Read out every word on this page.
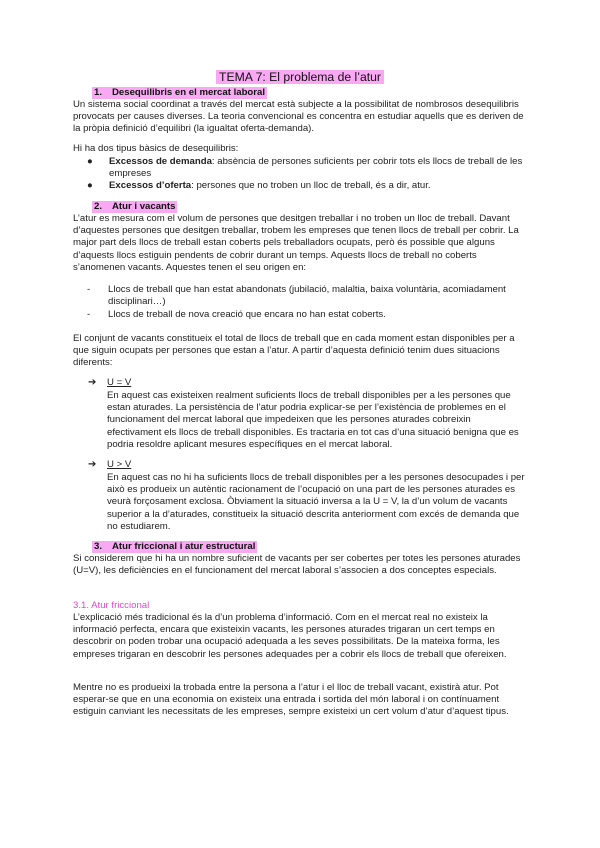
TEMA 7: El problema de l’atur
1. Desequilibris en el mercat laboral

Un sistema social coordinat a través del mercat està subjecte a la possibilitat de nombrosos desequilibris provocats per causes diverses. La teoria convencional es concentra en estudiar aquells que es deriven de la pròpia definició d’equilibri (la igualtat oferta-demanda).

Hi ha dos tipus bàsics de desequilibris:

● Excessos de demanda: absència de persones suficients per cobrir tots els llocs de treball de les empreses
● Excessos d’oferta: persones que no troben un lloc de treball, és a dir, atur.
2. Atur i vacants

L’atur es mesura com el volum de persones que desitgen treballar i no troben un lloc de treball. Davant d’aquestes persones que desitgen treballar, trobem les empreses que tenen llocs de treball per cobrir. La major part dels llocs de treball estan coberts pels treballadors ocupats, però és possible que alguns d’aquests llocs estiguin pendents de cobrir durant un temps. Aquests llocs de treball no coberts s’anomenen vacants. Aquestes tenen el seu origen en:

- Llocs de treball que han estat abandonats (jubilació, malaltia, baixa voluntària, acomiadament disciplinari…)
- Llocs de treball de nova creació que encara no han estat coberts.

El conjunt de vacants constitueix el total de llocs de treball que en cada moment estan disponibles per a que siguin ocupats per persones que estan a l’atur. A partir d’aquesta definició tenim dues situacions diferents:

➔ U = V

En aquest cas existeixen realment suficients llocs de treball disponibles per a les persones que estan aturades. La persistència de l’atur podria explicar-se per l’existència de problemes en el funcionament del mercat laboral que impedeixen que les persones aturades cobreixin efectivament els llocs de treball disponibles. Es tractaria en tot cas d’una situació benigna que es podria resoldre aplicant mesures específiques en el mercat laboral.

➔ U > V

En aquest cas no hi ha suficients llocs de treball disponibles per a les persones desocupades i per això es produeix un autèntic racionament de l’ocupació on una part de les persones aturades es veurà forçosament exclosa. Òbviament la situació inversa a la U = V, la d’un volum de vacants superior a la d’aturades, constitueix la situació descrita anteriorment com excés de demanda que no estudiarem.

3. Atur friccional i atur estructural

Si considerem que hi ha un nombre suficient de vacants per ser cobertes per totes les persones aturades (U=V), les deficiències en el funcionament del mercat laboral s’associen a dos conceptes especials.

3.1. Atur friccional

L’explicació més tradicional és la d’un problema d’informació. Com en el mercat real no existeix la informació perfecta, encara que existeixin vacants, les persones aturades trigaran un cert temps en descobrir on poden trobar una ocupació adequada a les seves possibilitats. De la mateixa forma, les empreses trigaran en descobrir les persones adequades per a cobrir els llocs de treball que ofereixen.

Mentre no es produeixi la trobada entre la persona a l’atur i el lloc de treball vacant, existirà atur. Pot esperar-se que en una economia on existeix una entrada i sortida del món laboral i on contínuament estiguin canviant les necessitats de les empreses, sempre existeixi un cert volum d’atur d’aquest tipus.
